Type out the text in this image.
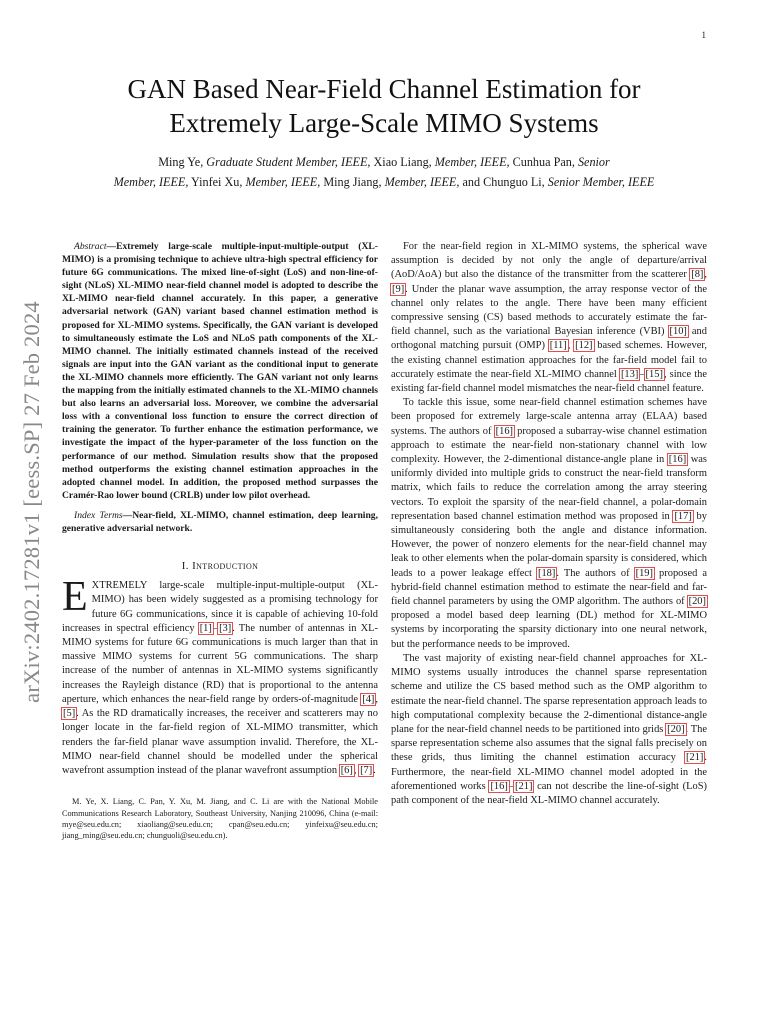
1
arXiv:2402.17281v1 [eess.SP] 27 Feb 2024
GAN Based Near-Field Channel Estimation for
Extremely Large-Scale MIMO Systems
Ming Ye, Graduate Student Member, IEEE, Xiao Liang, Member, IEEE, Cunhua Pan, Senior
Member, IEEE, Yinfei Xu, Member, IEEE, Ming Jiang, Member, IEEE, and Chunguo Li, Senior Member, IEEE

Abstract—Extremely large-scale multiple-input-multiple-output (XL-MIMO) is a promising technique to achieve ultra-high spectral efficiency for future 6G communications. The mixed line-of-sight (LoS) and non-line-of-sight (NLoS) XL-MIMO near-field channel model is adopted to describe the XL-MIMO near-field channel accurately. In this paper, a generative adversarial network (GAN) variant based channel estimation method is proposed for XL-MIMO systems. Specifically, the GAN variant is developed to simultaneously estimate the LoS and NLoS path components of the XL-MIMO channel. The initially estimated channels instead of the received signals are input into the GAN variant as the conditional input to generate the XL-MIMO channels more efficiently. The GAN variant not only learns the mapping from the initially estimated channels to the XL-MIMO channels but also learns an adversarial loss. Moreover, we combine the adversarial loss with a conventional loss function to ensure the correct direction of training the generator. To further enhance the estimation performance, we investigate the impact of the hyper-parameter of the loss function on the performance of our method. Simulation results show that the proposed method outperforms the existing channel estimation approaches in the adopted channel model. In addition, the proposed method surpasses the Cramér-Rao lower bound (CRLB) under low pilot overhead.

Index Terms—Near-field, XL-MIMO, channel estimation, deep learning, generative adversarial network.

I. Introduction

EXTREMELY large-scale multiple-input-multiple-output (XL-MIMO) has been widely suggested as a promising technology for future 6G communications, since it is capable of achieving 10-fold increases in spectral efficiency [1]–[3]. The number of antennas in XL-MIMO systems for future 6G communications is much larger than that in massive MIMO systems for current 5G communications. The sharp increase of the number of antennas in XL-MIMO systems significantly increases the Rayleigh distance (RD) that is proportional to the antenna aperture, which enhances the near-field range by orders-of-magnitude [4], [5]. As the RD dramatically increases, the receiver and scatterers may no longer locate in the far-field region of XL-MIMO transmitter, which renders the far-field planar wave assumption invalid. Therefore, the XL-MIMO near-field channel should be modelled under the spherical wavefront assumption instead of the planar wavefront assumption [6], [7].

M. Ye, X. Liang, C. Pan, Y. Xu, M. Jiang, and C. Li are with the National Mobile Communications Research Laboratory, Southeast University, Nanjing 210096, China (e-mail: mye@seu.edu.cn; xiaoliang@seu.edu.cn; cpan@seu.edu.cn; yinfeixu@seu.edu.cn; jiang_ming@seu.edu.cn; chunguoli@seu.edu.cn).

For the near-field region in XL-MIMO systems, the spherical wave assumption is decided by not only the angle of departure/arrival (AoD/AoA) but also the distance of the transmitter from the scatterer [8], [9]. Under the planar wave assumption, the array response vector of the channel only relates to the angle. There have been many efficient compressive sensing (CS) based methods to accurately estimate the far-field channel, such as the variational Bayesian inference (VBI) [10] and orthogonal matching pursuit (OMP) [11], [12] based schemes. However, the existing channel estimation approaches for the far-field model fail to accurately estimate the near-field XL-MIMO channel [13]–[15], since the existing far-field channel model mismatches the near-field channel feature.

To tackle this issue, some near-field channel estimation schemes have been proposed for extremely large-scale antenna array (ELAA) based systems. The authors of [16] proposed a subarray-wise channel estimation approach to estimate the near-field non-stationary channel with low complexity. However, the 2-dimentional distance-angle plane in [16] was uniformly divided into multiple grids to construct the near-field transform matrix, which fails to reduce the correlation among the array steering vectors. To exploit the sparsity of the near-field channel, a polar-domain representation based channel estimation method was proposed in [17] by simultaneously considering both the angle and distance information. However, the power of nonzero elements for the near-field channel may leak to other elements when the polar-domain sparsity is considered, which leads to a power leakage effect [18]. The authors of [19] proposed a hybrid-field channel estimation method to estimate the near-field and far-field channel parameters by using the OMP algorithm. The authors of [20] proposed a model based deep learning (DL) method for XL-MIMO systems by incorporating the sparsity dictionary into one neural network, but the performance needs to be improved.

The vast majority of existing near-field channel approaches for XL-MIMO systems usually introduces the channel sparse representation scheme and utilize the CS based method such as the OMP algorithm to estimate the near-field channel. The sparse representation approach leads to high computational complexity because the 2-dimentional distance-angle plane for the near-field channel needs to be partitioned into grids [20]. The sparse representation scheme also assumes that the signal falls precisely on these grids, thus limiting the channel estimation accuracy [21]. Furthermore, the near-field XL-MIMO channel model adopted in the aforementioned works [16]–[21] can not describe the line-of-sight (LoS) path component of the near-field XL-MIMO channel accurately.
